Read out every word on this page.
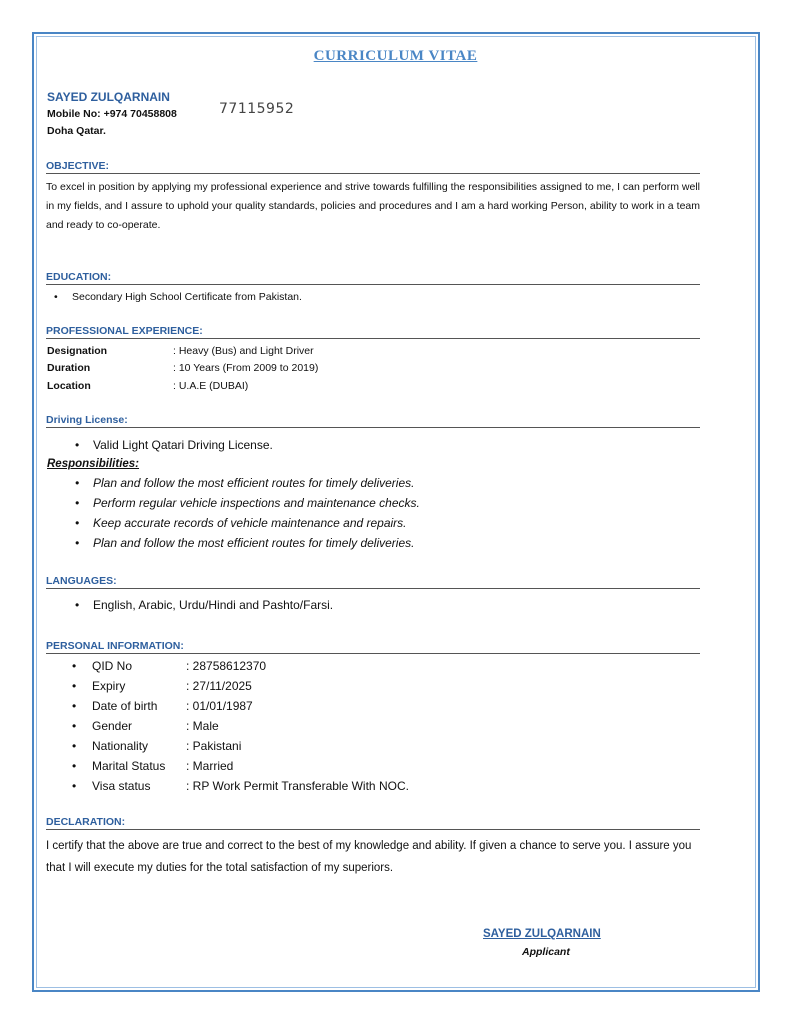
CURRICULUM VITAE
SAYED ZULQARNAIN
Mobile No: +974 70458808	77115952
Doha Qatar.
OBJECTIVE:
To excel in position by applying my professional experience and strive towards fulfilling the responsibilities assigned to me, I can perform well in my fields, and I assure to uphold your quality standards, policies and procedures and I am a hard working Person, ability to work in a team and ready to co-operate.
EDUCATION:
• Secondary High School Certificate from Pakistan.
PROFESSIONAL EXPERIENCE:
Designation	: Heavy (Bus) and Light Driver
Duration	: 10 Years (From 2009 to 2019)
Location	: U.A.E (DUBAI)
Driving License:
• Valid Light Qatari Driving License.
Responsibilities:
• Plan and follow the most efficient routes for timely deliveries.
• Perform regular vehicle inspections and maintenance checks.
• Keep accurate records of vehicle maintenance and repairs.
• Plan and follow the most efficient routes for timely deliveries.
LANGUAGES:
• English, Arabic, Urdu/Hindi and Pashto/Farsi.
PERSONAL INFORMATION:
• QID No	: 28758612370
• Expiry	: 27/11/2025
• Date of birth : 01/01/1987
• Gender	: Male
• Nationality	: Pakistani
• Marital Status : Married
• Visa status	: RP Work Permit Transferable With NOC.
DECLARATION:
I certify that the above are true and correct to the best of my knowledge and ability. If given a chance to serve you. I assure you that I will execute my duties for the total satisfaction of my superiors.
SAYED ZULQARNAIN
Applicant
